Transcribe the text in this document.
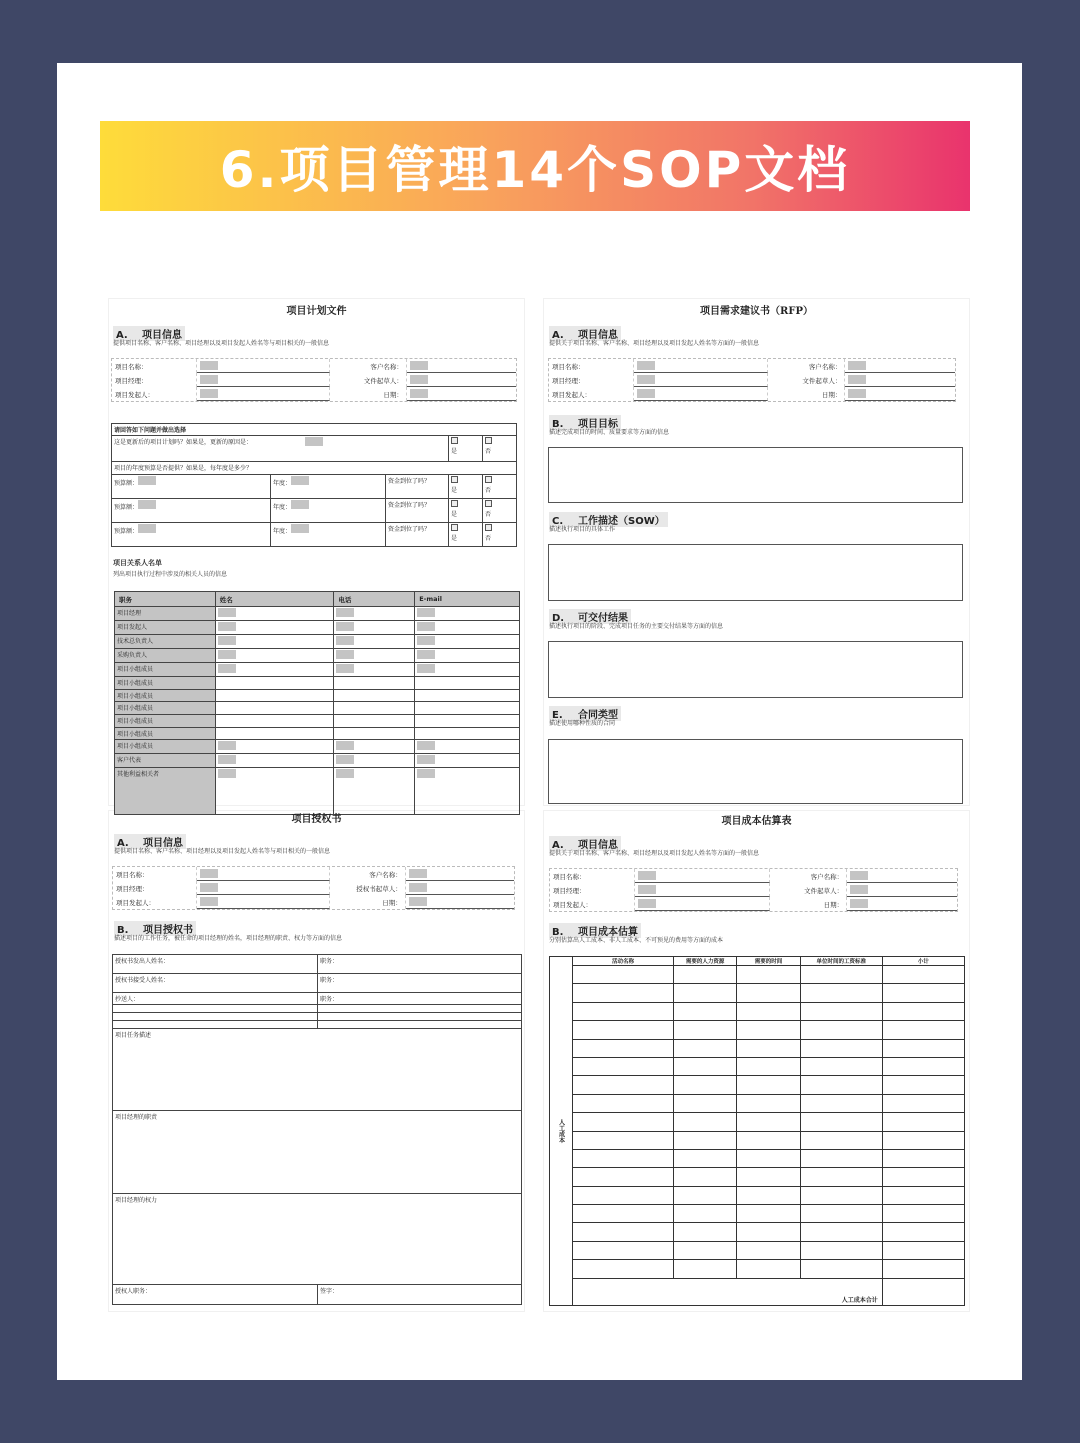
6.项目管理14个SOP文档
项目计划文件
A. 项目信息
提供项目名称、客户名称、项目经理以及项目发起人姓名等与项目相关的一般信息
项目名称：	客户名称：
项目经理：	文件起草人：
项目发起人：	日期：
请回答如下问题并做出选择				
这是更新后的项目计划吗？如果是，更新的原因是：			是	否
项目的年度预算是否提供？如果是，每年度是多少？				
预算额：	年度：	资金到位了吗？	是	否
预算额：	年度：	资金到位了吗？	是	否
预算额：	年度：	资金到位了吗？	是	否
项目关系人名单
列出项目执行过程中涉及的相关人员的信息
职务	姓名	电话	E-mail
项目经理			
项目发起人			
技术总负责人			
采购负责人			
项目小组成员			
项目小组成员			
项目小组成员			
项目小组成员			
项目小组成员			
项目小组成员			
项目小组成员			
客户代表			
其他利益相关者			
项目需求建议书（RFP）
A. 项目信息
提供关于项目名称、客户名称、项目经理以及项目发起人姓名等方面的一般信息
项目名称：	客户名称：
项目经理：	文件起草人：
项目发起人：	日期：
B. 项目目标
描述完成项目的时间、质量要求等方面的信息
C. 工作描述（SOW）
描述执行项目的具体工作
D. 可交付结果
描述执行项目的阶段、完成项目任务的主要交付结果等方面的信息
E. 合同类型
描述使用哪种性质的合同
项目授权书
A. 项目信息
提供项目名称、客户名称、项目经理以及项目发起人姓名等与项目相关的一般信息
项目名称：	客户名称：
项目经理：	授权书起草人：
项目发起人：	日期：
B. 项目授权书
描述项目的工作任务，被任命的项目经理的姓名，项目经理的职责、权力等方面的信息
授权书发出人姓名：	职务：
授权书接受人姓名：	职务：
抄送人：	职务：

项目任务描述	
项目经理的职责	
项目经理的权力	
授权人职务：	签字：
项目成本估算表
A. 项目信息
提供关于项目名称、客户名称、项目经理以及项目发起人姓名等方面的一般信息
项目名称：	客户名称：
项目经理：	文件起草人：
项目发起人：	日期：
B. 项目成本估算
分别估算出人工成本、非人工成本、不可预见的费用等方面的成本
人工成本	活动名称	需要的人力资源	需要的时间	单位时间的工资标准	小计

	人工成本合计				
